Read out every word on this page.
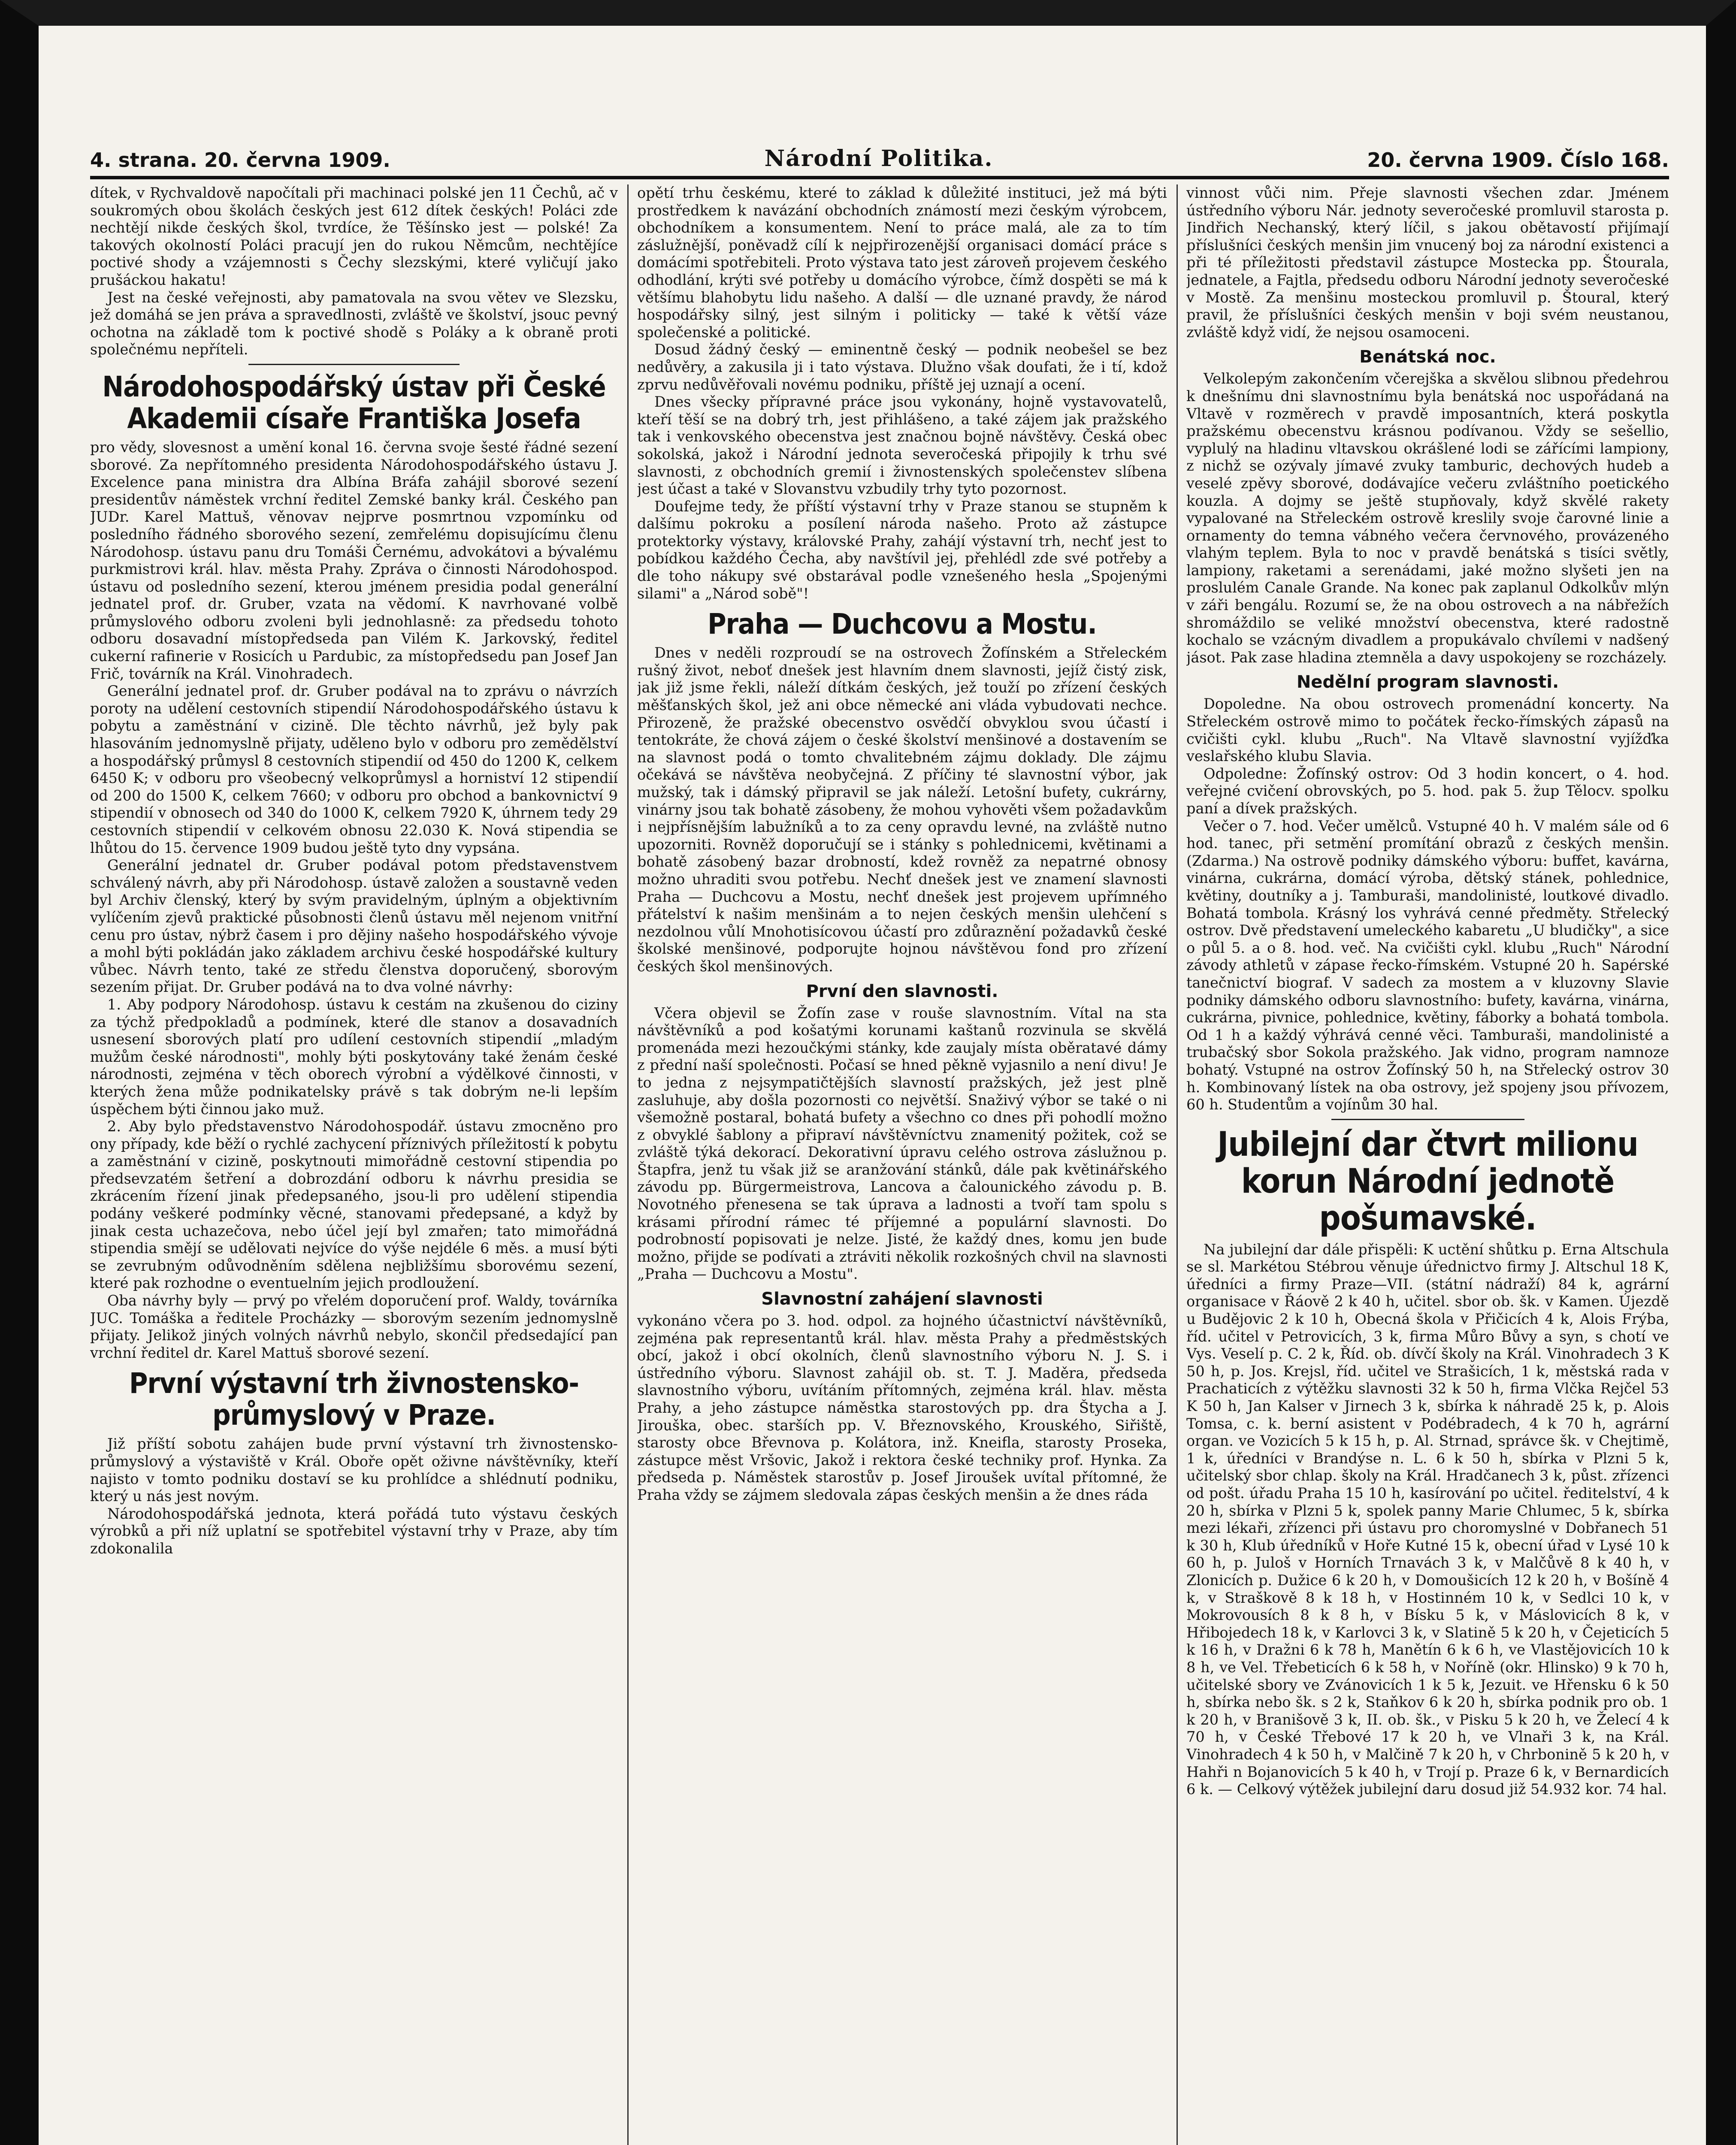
4. strana. 20. června 1909.	Národní Politika.	20. června 1909. Číslo 168.

dítek, v Rychvaldově napočítali při machinaci polské jen 11 Čechů, ač v soukromých obou školách českých jest 612 dítek českých! Poláci zde nechtějí nikde českých škol, tvrdíce, že Těšínsko jest — polské! Za takových okolností Poláci pracují jen do rukou Němcům, nechtějíce poctivé shody a vzájemnosti s Čechy slezskými, které vyličují jako prušáckou hakatu!

Jest na české veřejnosti, aby pamatovala na svou větev ve Slezsku, jež domáhá se jen práva a spravedlnosti, zvláště ve školství, jsouc pevný ochotna na základě tom k poctivé shodě s Poláky a k obraně proti společnému nepříteli.

Národohospodářský ústav při České Akademii císaře Františka Josefa

pro vědy, slovesnost a umění konal 16. června svoje šesté řádné sezení sborové. Za nepřítomného presidenta Národohospodářského ústavu J. Excelence pana ministra dra Albína Bráfa zahájil sborové sezení presidentův náměstek vrchní ředitel Zemské banky král. Českého pan JUDr. Karel Mattuš, věnovav nejprve posmrtnou vzpomínku od posledního řádného sborového sezení, zemřelému dopisujícímu členu Národohosp. ústavu panu dru Tomáši Černému, advokátovi a bývalému purkmistrovi král. hlav. města Prahy. Zpráva o činnosti Národohospod. ústavu od posledního sezení, kterou jménem presidia podal generální jednatel prof. dr. Gruber, vzata na vědomí. K navrhované volbě průmyslového odboru zvoleni byli jednohlasně: za předsedu tohoto odboru dosavadní místopředseda pan Vilém K. Jarkovský, ředitel cukerní rafinerie v Rosicích u Pardubic, za místopředsedu pan Josef Jan Frič, továrník na Král. Vinohradech.

Generální jednatel prof. dr. Gruber podával na to zprávu o návrzích poroty na udělení cestovních stipendií Národohospodářského ústavu k pobytu a zaměstnání v cizině. Dle těchto návrhů, jež byly pak hlasováním jednomyslně přijaty, uděleno bylo v odboru pro zemědělství a hospodářský průmysl 8 cestovních stipendií od 450 do 1200 K, celkem 6450 K; v odboru pro všeobecný velkoprůmysl a horniství 12 stipendií od 200 do 1500 K, celkem 7660; v odboru pro obchod a bankovnictví 9 stipendií v obnosech od 340 do 1000 K, celkem 7920 K, úhrnem tedy 29 cestovních stipendií v celkovém obnosu 22.030 K. Nová stipendia se lhůtou do 15. července 1909 budou ještě tyto dny vypsána.

Generální jednatel dr. Gruber podával potom představenstvem schválený návrh, aby při Národohosp. ústavě založen a soustavně veden byl Archiv členský, který by svým pravidelným, úplným a objektivním vylíčením zjevů praktické působnosti členů ústavu měl nejenom vnitřní cenu pro ústav, nýbrž časem i pro dějiny našeho hospodářského vývoje a mohl býti pokládán jako základem archivu české hospodářské kultury vůbec. Návrh tento, také ze středu členstva doporučený, sborovým sezením přijat. Dr. Gruber podává na to dva volné návrhy:

1. Aby podpory Národohosp. ústavu k cestám na zkušenou do ciziny za týchž předpokladů a podmínek, které dle stanov a dosavadních usnesení sborových platí pro udílení cestovních stipendií „mladým mužům české národnosti", mohly býti poskytovány také ženám české národnosti, zejména v těch oborech výrobní a výdělkové činnosti, v kterých žena může podnikatelsky právě s tak dobrým ne-li lepším úspěchem býti činnou jako muž.

2. Aby bylo představenstvo Národohospodář. ústavu zmocněno pro ony případy, kde běží o rychlé zachycení příznivých příležitostí k pobytu a zaměstnání v cizině, poskytnouti mimořádně cestovní stipendia po předsevzatém šetření a dobrozdání odboru k návrhu presidia se zkrácením řízení jinak předepsaného, jsou-li pro udělení stipendia podány veškeré podmínky věcné, stanovami předepsané, a když by jinak cesta uchazečova, nebo účel její byl zmařen; tato mimořádná stipendia smějí se udělovati nejvíce do výše nejdéle 6 měs. a musí býti se zevrubným odůvodněním sdělena nejbližšímu sborovému sezení, které pak rozhodne o eventuelním jejich prodloužení.

Oba návrhy byly — prvý po vřelém doporučení prof. Waldy, továrníka JUC. Tomáška a ředitele Procházky — sborovým sezením jednomyslně přijaty. Jelikož jiných volných návrhů nebylo, skončil předsedající pan vrchní ředitel dr. Karel Mattuš sborové sezení.

První výstavní trh živnostensko-průmyslový v Praze.

Již příští sobotu zahájen bude první výstavní trh živnostensko-průmyslový a výstaviště v Král. Oboře opět oživne návštěvníky, kteří najisto v tomto podniku dostaví se ku prohlídce a shlédnutí podniku, který u nás jest novým.

Národohospodářská jednota, která pořádá tuto výstavu českých výrobků a při níž uplatní se spotřebitel výstavní trhy v Praze, aby tím zdokonalila

opětí trhu českému, které to základ k důležité instituci, jež má býti prostředkem k navázání obchodních známostí mezi českým výrobcem, obchodníkem a konsumentem. Není to práce malá, ale za to tím záslužnější, poněvadž cílí k nejpřirozenější organisaci domácí práce s domácími spotřebiteli. Proto výstava tato jest zároveň projevem českého odhodlání, krýti své potřeby u domácího výrobce, čímž dospěti se má k většímu blahobytu lidu našeho. A další — dle uznané pravdy, že národ hospodářsky silný, jest silným i politicky — také k větší váze společenské a politické.

Dosud žádný český — eminentně český — podnik neobešel se bez nedůvěry, a zakusila ji i tato výstava. Dlužno však doufati, že i tí, kdož zprvu nedůvěřovali novému podniku, příště jej uznají a ocení.

Dnes všecky přípravné práce jsou vykonány, hojně vystavovatelů, kteří těší se na dobrý trh, jest přihlášeno, a také zájem jak pražského tak i venkovského obecenstva jest značnou bojně návštěvy. Česká obec sokolská, jakož i Národní jednota severočeská připojily k trhu své slavnosti, z obchodních gremií i živnostenských společenstev slíbena jest účast a také v Slovanstvu vzbudily trhy tyto pozornost.

Doufejme tedy, že příští výstavní trhy v Praze stanou se stupněm k dalšímu pokroku a posílení národa našeho. Proto až zástupce protektorky výstavy, královské Prahy, zahájí výstavní trh, nechť jest to pobídkou každého Čecha, aby navštívil jej, přehlédl zde své potřeby a dle toho nákupy své obstarával podle vznešeného hesla „Spojenými silami" a „Národ sobě"!

Praha — Duchcovu a Mostu.

Dnes v neděli rozproudí se na ostrovech Žofínském a Střeleckém rušný život, neboť dnešek jest hlavním dnem slavnosti, jejíž čistý zisk, jak již jsme řekli, náleží dítkám českých, jež touží po zřízení českých měšťanských škol, jež ani obce německé ani vláda vybudovati nechce. Přirozeně, že pražské obecenstvo osvědčí obvyklou svou účastí i tentokráte, že chová zájem o české školství menšinové a dostavením se na slavnost podá o tomto chvalitebném zájmu doklady. Dle zájmu očekává se návštěva neobyčejná. Z příčiny té slavnostní výbor, jak mužský, tak i dámský připravil se jak náleží. Letošní bufety, cukrárny, vinárny jsou tak bohatě zásobeny, že mohou vyhověti všem požadavkům i nejpřísnějším labužníků a to za ceny opravdu levné, na zvláště nutno upozorniti. Rovněž doporučují se i stánky s pohlednicemi, květinami a bohatě zásobený bazar drobností, kdež rovněž za nepatrné obnosy možno uhraditi svou potřebu. Nechť dnešek jest ve znamení slavnosti Praha — Duchcovu a Mostu, nechť dnešek jest projevem upřímného přátelství k našim menšinám a to nejen českých menšin ulehčení s nezdolnou vůlí Mnohotisícovou účastí pro zdůraznění požadavků české školské menšinové, podporujte hojnou návštěvou fond pro zřízení českých škol menšinových.

První den slavnosti.

Včera objevil se Žofín zase v rouše slavnostním. Vítal na sta návštěvníků a pod košatými korunami kaštanů rozvinula se skvělá promenáda mezi hezoučkými stánky, kde zaujaly místa oběratavé dámy z přední naší společnosti. Počasí se hned pěkně vyjasnilo a není divu! Je to jedna z nejsympatičtějších slavností pražských, jež jest plně zasluhuje, aby došla pozornosti co největší. Snaživý výbor se také o ni všemožně postaral, bohatá bufety a všechno co dnes při pohodlí možno z obvyklé šablony a připraví návštěvníctvu znamenitý požitek, což se zvláště týká dekorací. Dekorativní úpravu celého ostrova záslužnou p. Štapfra, jenž tu však již se aranžování stánků, dále pak květinářského závodu pp. Bürgermeistrova, Lancova a čalounického závodu p. B. Novotného přenesena se tak úprava a ladnosti a tvoří tam spolu s krásami přírodní rámec té příjemné a populární slavnosti. Do podrobností popisovati je nelze. Jisté, že každý dnes, komu jen bude možno, přijde se podívati a ztráviti několik rozkošných chvil na slavnosti „Praha — Duchcovu a Mostu".

Slavnostní zahájení slavnosti

vykonáno včera po 3. hod. odpol. za hojného účastnictví návštěvníků, zejména pak representantů král. hlav. města Prahy a předměstských obcí, jakož i obcí okolních, členů slavnostního výboru N. J. S. i ústředního výboru. Slavnost zahájil ob. st. T. J. Maděra, předseda slavnostního výboru, uvítáním přítomných, zejména král. hlav. města Prahy, a jeho zástupce náměstka starostových pp. dra Štycha a J. Jirouška, obec. starších pp. V. Březnovského, Krouského, Siřiště, starosty obce Břevnova p. Kolátora, inž. Kneifla, starosty Proseka, zástupce měst Vršovic, Jakož i rektora české techniky prof. Hynka. Za předseda p. Náměstek starostův p. Josef Jiroušek uvítal přítomné, že Praha vždy se zájmem sledovala zápas českých menšin a že dnes ráda

vinnost vůči nim. Přeje slavnosti všechen zdar. Jménem ústředního výboru Nár. jednoty severočeské promluvil starosta p. Jindřich Nechanský, který líčil, s jakou obětavostí přijímají příslušníci českých menšin jim vnucený boj za národní existenci a při té příležitosti představil zástupce Mostecka pp. Štourala, jednatele, a Fajtla, předsedu odboru Národní jednoty severočeské v Mostě. Za menšinu mosteckou promluvil p. Štoural, který pravil, že příslušníci českých menšin v boji svém neustanou, zvláště když vidí, že nejsou osamoceni.

Benátská noc.

Velkolepým zakončením včerejška a skvělou slibnou předehrou k dnešnímu dni slavnostnímu byla benátská noc uspořádaná na Vltavě v rozměrech v pravdě imposantních, která poskytla pražskému obecenstvu krásnou podívanou. Vždy se sešellio, vyplulý na hladinu vltavskou okrášlené lodi se zářícími lampiony, z nichž se ozývaly jímavé zvuky tamburic, dechových hudeb a veselé zpěvy sborové, dodávajíce večeru zvláštního poetického kouzla. A dojmy se ještě stupňovaly, když skvělé rakety vypalované na Střeleckém ostrově kreslily svoje čarovné linie a ornamenty do temna vábného večera červnového, provázeného vlahým teplem. Byla to noc v pravdě benátská s tisíci světly, lampiony, raketami a serenádami, jaké možno slyšeti jen na proslulém Canale Grande. Na konec pak zaplanul Odkolkův mlýn v záři bengálu. Rozumí se, že na obou ostrovech a na nábřežích shromáždilo se veliké množství obecenstva, které radostně kochalo se vzácným divadlem a propukávalo chvílemi v nadšený jásot. Pak zase hladina ztemněla a davy uspokojeny se rozcházely.

Nedělní program slavnosti.

Dopoledne. Na obou ostrovech promenádní koncerty. Na Střeleckém ostrově mimo to počátek řecko-římských zápasů na cvičišti cykl. klubu „Ruch". Na Vltavě slavnostní vyjížďka veslařského klubu Slavia.

Odpoledne: Žofínský ostrov: Od 3 hodin koncert, o 4. hod. veřejné cvičení obrovských, po 5. hod. pak 5. žup Tělocv. spolku paní a dívek pražských.

Večer o 7. hod. Večer umělců. Vstupné 40 h. V malém sále od 6 hod. tanec, při setmění promítání obrazů z českých menšin. (Zdarma.) Na ostrově podniky dámského výboru: buffet, kavárna, vinárna, cukrárna, domácí výroba, dětský stánek, pohlednice, květiny, doutníky a j. Tamburaši, mandolinisté, loutkové divadlo. Bohatá tombola. Krásný los vyhrává cenné předměty. Střelecký ostrov. Dvě představení umeleckého kabaretu „U bludičky", a sice o půl 5. a o 8. hod. več. Na cvičišti cykl. klubu „Ruch" Národní závody athletů v zápase řecko-římském. Vstupné 20 h. Sapérské tanečnictví biograf. V sadech za mostem a v kluzovny Slavie podniky dámského odboru slavnostního: bufety, kavárna, vinárna, cukrárna, pivnice, pohlednice, květiny, fáborky a bohatá tombola. Od 1 h a každý výhrává cenné věci. Tamburaši, mandolinisté a trubačský sbor Sokola pražského. Jak vidno, program namnoze bohatý. Vstupné na ostrov Žofínský 50 h, na Střelecký ostrov 30 h. Kombinovaný lístek na oba ostrovy, jež spojeny jsou přívozem, 60 h. Studentům a vojínům 30 hal.

Jubilejní dar čtvrt milionu korun Národní jednotě pošumavské.

Na jubilejní dar dále přispěli: K uctění shůtku p. Erna Altschula se sl. Markétou Stébrou věnuje úřednictvo firmy J. Altschul 18 K, úředníci a firmy Praze—VII. (státní nádraží) 84 k, agrární organisace v Řáově 2 k 40 h, učitel. sbor ob. šk. v Kamen. Újezdě u Budějovic 2 k 10 h, Obecná škola v Přičicích 4 k, Alois Frýba, říd. učitel v Petrovicích, 3 k, firma Můro Bůvy a syn, s chotí ve Vys. Veselí p. C. 2 k, Říd. ob. dívčí školy na Král. Vinohradech 3 K 50 h, p. Jos. Krejsl, říd. učitel ve Strašicích, 1 k, městská rada v Prachaticích z výtěžku slavnosti 32 k 50 h, firma Vlčka Rejčel 53 K 50 h, Jan Kalser v Jirnech 3 k, sbírka k náhradě 25 k, p. Alois Tomsa, c. k. berní asistent v Podébradech, 4 k 70 h, agrární organ. ve Vozicích 5 k 15 h, p. Al. Strnad, správce šk. v Chejtimě, 1 k, úředníci v Brandýse n. L. 6 k 50 h, sbírka v Plzni 5 k, učitelský sbor chlap. školy na Král. Hradčanech 3 k, půst. zřízenci od pošt. úřadu Praha 15 10 h, kasírování po učitel. ředitelství, 4 k 20 h, sbírka v Plzni 5 k, spolek panny Marie Chlumec, 5 k, sbírka mezi lékaři, zřízenci při ústavu pro choromyslné v Dobřanech 51 k 30 h, Klub úředníků v Hoře Kutné 15 k, obecní úřad v Lysé 10 k 60 h, p. Juloš v Horních Trnavách 3 k, v Malčůvě 8 k 40 h, v Zlonicích p. Dužice 6 k 20 h, v Domoušicích 12 k 20 h, v Bošíně 4 k, v Straškově 8 k 18 h, v Hostinném 10 k, v Sedlci 10 k, v Mokrovousích 8 k 8 h, v Bísku 5 k, v Máslovicích 8 k, v Hřibojedech 18 k, v Karlovci 3 k, v Slatině 5 k 20 h, v Čejeticích 5 k 16 h, v Dražni 6 k 78 h, Manětín 6 k 6 h, ve Vlastějovicích 10 k 8 h, ve Vel. Třebeticích 6 k 58 h, v Noříně (okr. Hlinsko) 9 k 70 h, učitelské sbory ve Zvánovicích 1 k 5 k, Jezuit. ve Hřensku 6 k 50 h, sbírka nebo šk. s 2 k, Staňkov 6 k 20 h, sbírka podnik pro ob. 1 k 20 h, v Branišově 3 k, II. ob. šk., v Pisku 5 k 20 h, ve Želecí 4 k 70 h, v České Třebové 17 k 20 h, ve Vlnaři 3 k, na Král. Vinohradech 4 k 50 h, v Malčině 7 k 20 h, v Chrbonině 5 k 20 h, v Hahři n Bojanovicích 5 k 40 h, v Trojí p. Praze 6 k, v Bernardicích 6 k. — Celkový výtěžek jubilejní daru dosud již 54.932 kor. 74 hal.
